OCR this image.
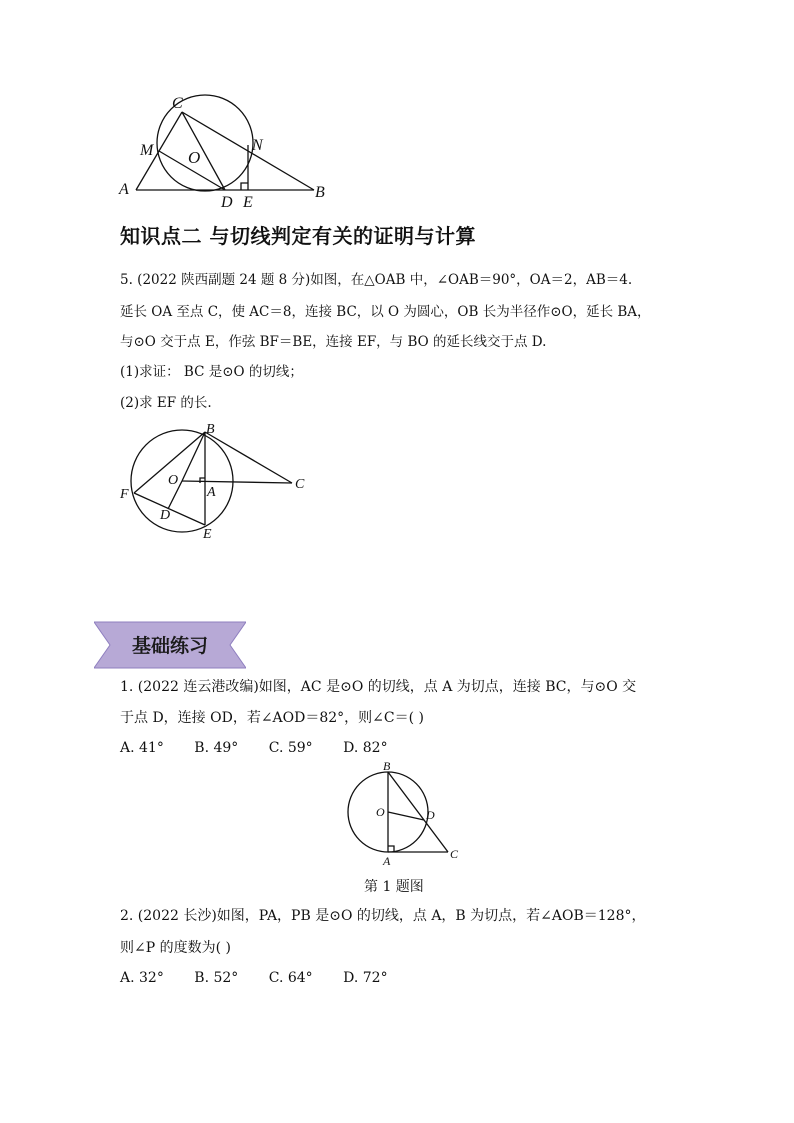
C
M O
N
A
D E
B
知识点二 与切线判定有关的证明与计算
5. (2022 陕西副题 24 题 8 分)如图，在△OAB 中，∠OAB＝90°，OA＝2，AB＝4.
延长 OA 至点 C，使 AC＝8，连接 BC，以 O 为圆心，OB 长为半径作⊙O，延长 BA，
与⊙O 交于点 E，作弦 BF＝BE，连接 EF，与 BO 的延长线交于点 D.
(1)求证： BC 是⊙O 的切线；
(2)求 EF 的长.
B
O
A
C
F
D
E
基础练习
1. (2022 连云港改编)如图，AC 是⊙O 的切线，点 A 为切点，连接 BC，与⊙O 交
于点 D，连接 OD，若∠AOD＝82°，则∠C＝( )
A. 41° B. 49° C. 59° D. 82°
B
O	D
A	C
第 1 题图
2. (2022 长沙)如图，PA，PB 是⊙O 的切线，点 A，B 为切点，若∠AOB＝128°，
则∠P 的度数为( )
A. 32° B. 52° C. 64° D. 72°
